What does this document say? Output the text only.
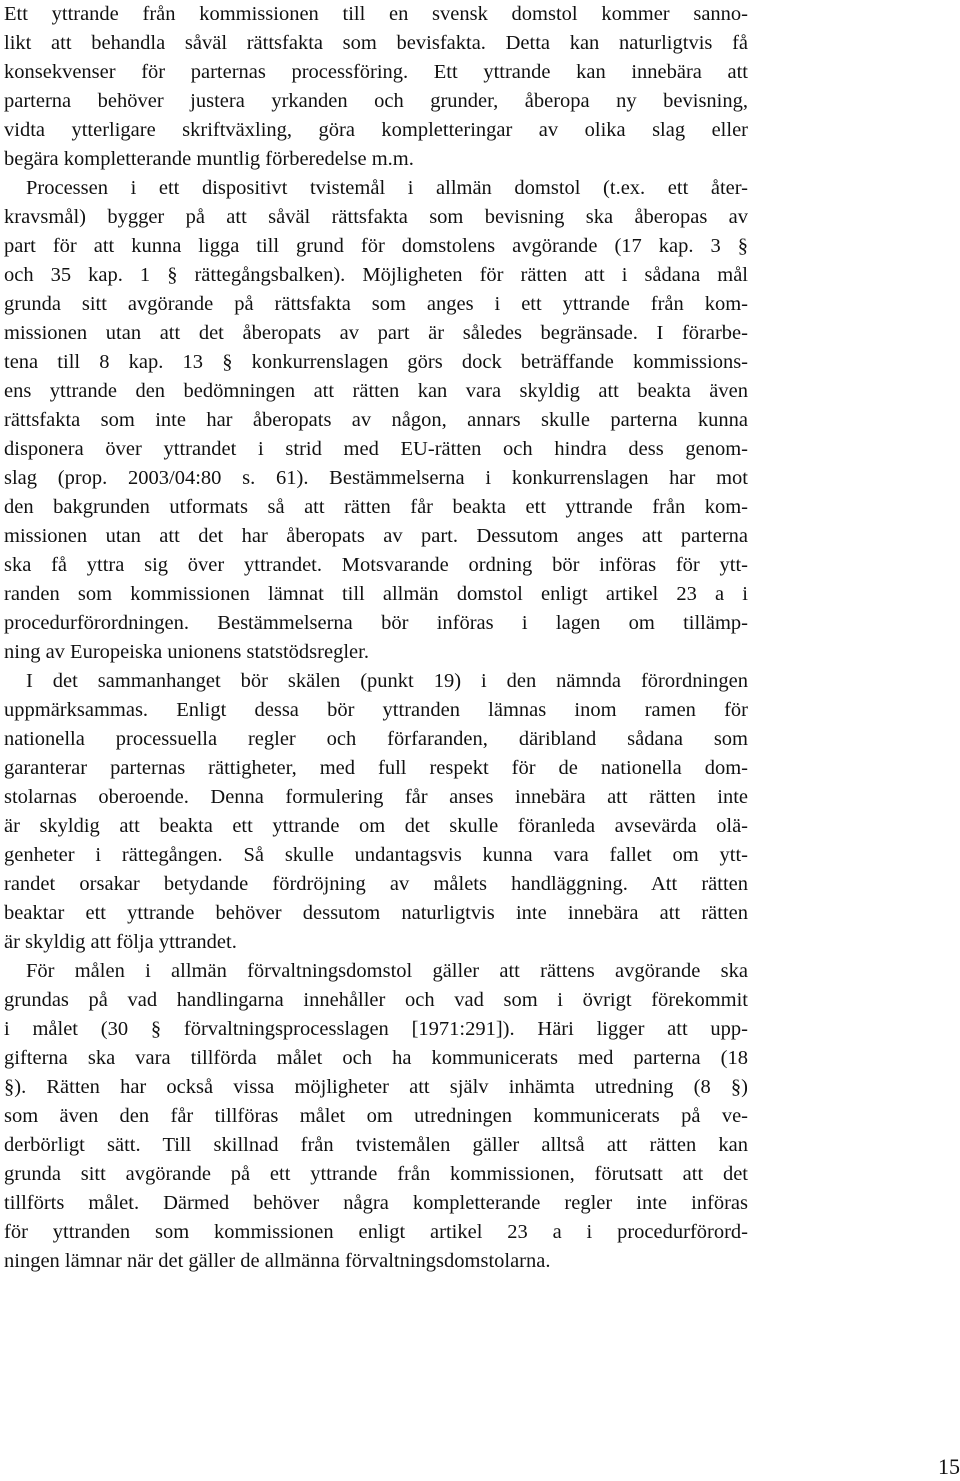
Ett yttrande från kommissionen till en svensk domstol kommer sanno-
likt att behandla såväl rättsfakta som bevisfakta. Detta kan naturligtvis få
konsekvenser för parternas processföring. Ett yttrande kan innebära att
parterna behöver justera yrkanden och grunder, åberopa ny bevisning,
vidta ytterligare skriftväxling, göra kompletteringar av olika slag eller
begära kompletterande muntlig förberedelse m.m.
Processen i ett dispositivt tvistemål i allmän domstol (t.ex. ett åter-
kravsmål) bygger på att såväl rättsfakta som bevisning ska åberopas av
part för att kunna ligga till grund för domstolens avgörande (17 kap. 3 §
och 35 kap. 1 § rättegångsbalken). Möjligheten för rätten att i sådana mål
grunda sitt avgörande på rättsfakta som anges i ett yttrande från kom-
missionen utan att det åberopats av part är således begränsade. I förarbe-
tena till 8 kap. 13 § konkurrenslagen görs dock beträffande kommissions-
ens yttrande den bedömningen att rätten kan vara skyldig att beakta även
rättsfakta som inte har åberopats av någon, annars skulle parterna kunna
disponera över yttrandet i strid med EU-rätten och hindra dess genom-
slag (prop. 2003/04:80 s. 61). Bestämmelserna i konkurrenslagen har mot
den bakgrunden utformats så att rätten får beakta ett yttrande från kom-
missionen utan att det har åberopats av part. Dessutom anges att parterna
ska få yttra sig över yttrandet. Motsvarande ordning bör införas för ytt-
randen som kommissionen lämnat till allmän domstol enligt artikel 23 a i
procedurförordningen. Bestämmelserna bör införas i lagen om tillämp-
ning av Europeiska unionens statstödsregler.
I det sammanhanget bör skälen (punkt 19) i den nämnda förordningen
uppmärksammas. Enligt dessa bör yttranden lämnas inom ramen för
nationella processuella regler och förfaranden, däribland sådana som
garanterar parternas rättigheter, med full respekt för de nationella dom-
stolarnas oberoende. Denna formulering får anses innebära att rätten inte
är skyldig att beakta ett yttrande om det skulle föranleda avsevärda olä-
genheter i rättegången. Så skulle undantagsvis kunna vara fallet om ytt-
randet orsakar betydande fördröjning av målets handläggning. Att rätten
beaktar ett yttrande behöver dessutom naturligtvis inte innebära att rätten
är skyldig att följa yttrandet.
För målen i allmän förvaltningsdomstol gäller att rättens avgörande ska
grundas på vad handlingarna innehåller och vad som i övrigt förekommit
i målet (30 § förvaltningsprocesslagen [1971:291]). Häri ligger att upp-
gifterna ska vara tillförda målet och ha kommunicerats med parterna (18
§). Rätten har också vissa möjligheter att själv inhämta utredning (8 §)
som även den får tillföras målet om utredningen kommunicerats på ve-
derbörligt sätt. Till skillnad från tvistemålen gäller alltså att rätten kan
grunda sitt avgörande på ett yttrande från kommissionen, förutsatt att det
tillförts målet. Därmed behöver några kompletterande regler inte införas
för yttranden som kommissionen enligt artikel 23 a i procedurförord-
ningen lämnar när det gäller de allmänna förvaltningsdomstolarna.
15
